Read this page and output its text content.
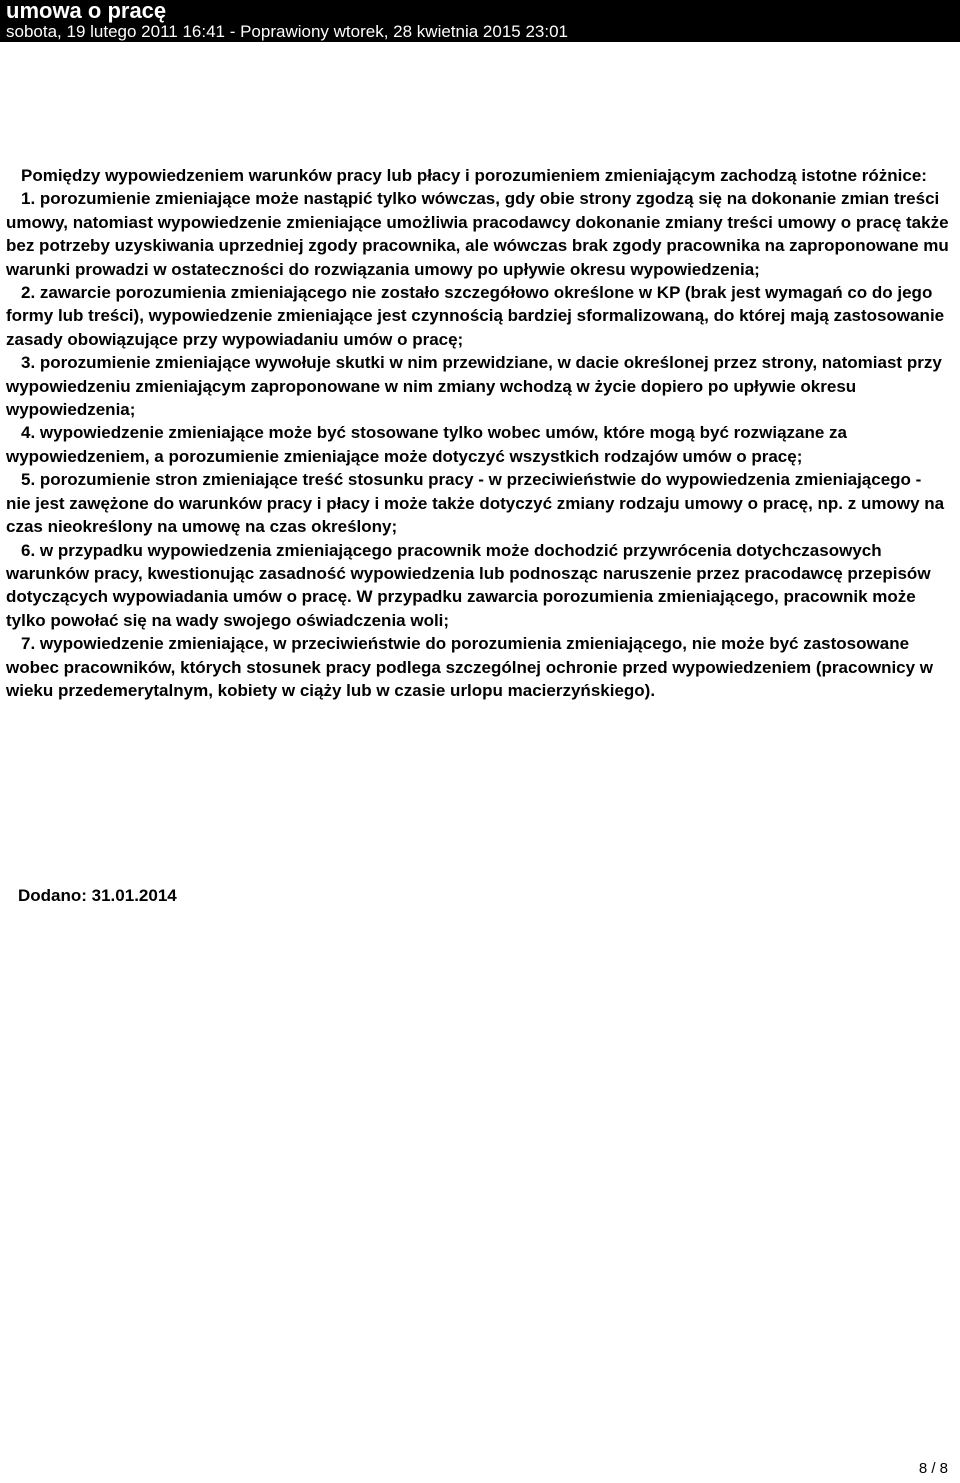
umowa o pracę
sobota, 19 lutego 2011 16:41 - Poprawiony wtorek, 28 kwietnia 2015 23:01

Pomiędzy wypowiedzeniem warunków pracy lub płacy i porozumieniem zmieniającym zachodzą istotne różnice:

1. porozumienie zmieniające może nastąpić tylko wówczas, gdy obie strony zgodzą się na dokonanie zmian treści umowy, natomiast wypowiedzenie zmieniające umożliwia pracodawcy dokonanie zmiany treści umowy o pracę także bez potrzeby uzyskiwania uprzedniej zgody pracownika, ale wówczas brak zgody pracownika na zaproponowane mu warunki prowadzi w ostateczności do rozwiązania umowy po upływie okresu wypowiedzenia;

2. zawarcie porozumienia zmieniającego nie zostało szczegółowo określone w KP (brak jest wymagań co do jego formy lub treści), wypowiedzenie zmieniające jest czynnością bardziej sformalizowaną, do której mają zastosowanie zasady obowiązujące przy wypowiadaniu umów o pracę;

3. porozumienie zmieniające wywołuje skutki w nim przewidziane, w dacie określonej przez strony, natomiast przy wypowiedzeniu zmieniającym zaproponowane w nim zmiany wchodzą w życie dopiero po upływie okresu wypowiedzenia;

4. wypowiedzenie zmieniające może być stosowane tylko wobec umów, które mogą być rozwiązane za wypowiedzeniem, a porozumienie zmieniające może dotyczyć wszystkich rodzajów umów o pracę;

5. porozumienie stron zmieniające treść stosunku pracy - w przeciwieństwie do wypowiedzenia zmieniającego - nie jest zawężone do warunków pracy i płacy i może także dotyczyć zmiany rodzaju umowy o pracę, np. z umowy na czas nieokreślony na umowę na czas określony;

6. w przypadku wypowiedzenia zmieniającego pracownik może dochodzić przywrócenia dotychczasowych warunków pracy, kwestionując zasadność wypowiedzenia lub podnosząc naruszenie przez pracodawcę przepisów dotyczących wypowiadania umów o pracę. W przypadku zawarcia porozumienia zmieniającego, pracownik może tylko powołać się na wady swojego oświadczenia woli;

7. wypowiedzenie zmieniające, w przeciwieństwie do porozumienia zmieniającego, nie może być zastosowane wobec pracowników, których stosunek pracy podlega szczególnej ochronie przed wypowiedzeniem (pracownicy w wieku przedemerytalnym, kobiety w ciąży lub w czasie urlopu macierzyńskiego).

Dodano: 31.01.2014
8 / 8
